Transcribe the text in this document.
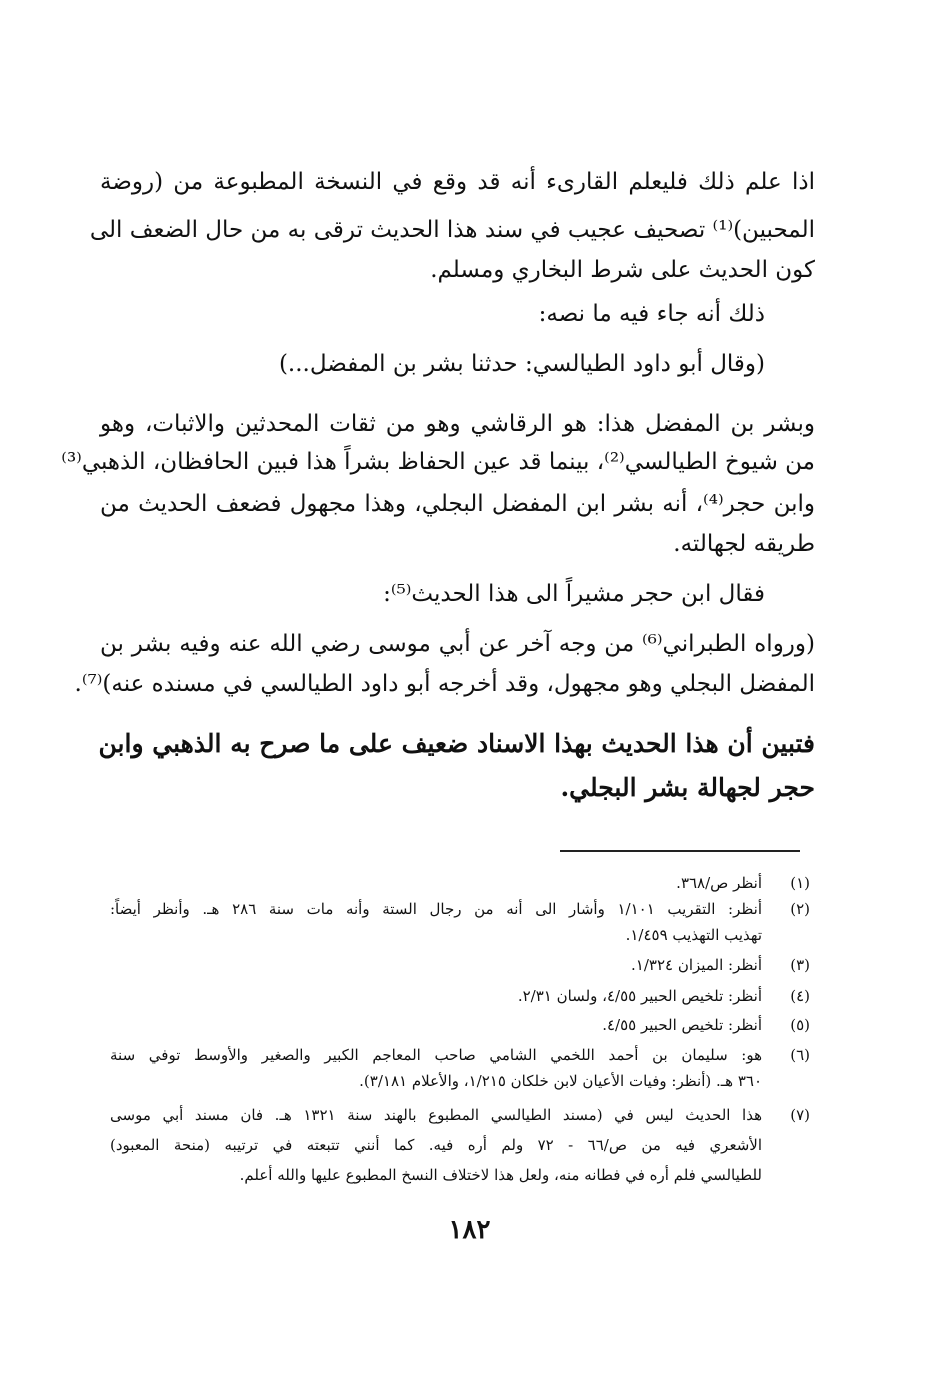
اذا علم ذلك فليعلم القارىء أنه قد وقع في النسخة المطبوعة من (روضة
المحبين)⁽¹⁾ تصحيف عجيب في سند هذا الحديث ترقى به من حال الضعف الى
كون الحديث على شرط البخاري ومسلم.
ذلك أنه جاء فيه ما نصه:
(وقال أبو داود الطيالسي: حدثنا بشر بن المفضل...)
وبشر بن المفضل هذا: هو الرقاشي وهو من ثقات المحدثين والاثبات، وهو
من شيوخ الطيالسي⁽²⁾، بينما قد عين الحفاظ بشراً هذا فبين الحافظان، الذهبي⁽³⁾
وابن حجر⁽⁴⁾، أنه بشر ابن المفضل البجلي، وهذا مجهول فضعف الحديث من
طريقه لجهالته.
فقال ابن حجر مشيراً الى هذا الحديث⁽⁵⁾:
(ورواه الطبراني⁽⁶⁾ من وجه آخر عن أبي موسى رضي الله عنه وفيه بشر بن
المفضل البجلي وهو مجهول، وقد أخرجه أبو داود الطيالسي في مسنده عنه)⁽⁷⁾.
فتبين أن هذا الحديث بهذا الاسناد ضعيف على ما صرح به الذهبي وابن
حجر لجهالة بشر البجلي.
(١)
أنظر ص/٣٦٨.
(٢)
أنظر: التقريب ١/١٠١ وأشار الى أنه من رجال الستة وأنه مات سنة ٢٨٦ هـ. وأنظر أيضاً:
تهذيب التهذيب ١/٤٥٩.
(٣)
أنظر: الميزان ١/٣٢٤.
(٤)
أنظر: تلخيص الحبير ٤/٥٥، ولسان ٢/٣١.
(٥)
أنظر: تلخيص الحبير ٤/٥٥.
(٦)
هو: سليمان بن أحمد اللخمي الشامي صاحب المعاجم الكبير والصغير والأوسط توفي سنة
٣٦٠ هـ. (أنظر: وفيات الأعيان لابن خلكان ١/٢١٥، والأعلام ٣/١٨١).
(٧)
هذا الحديث ليس في (مسند الطيالسي المطبوع بالهند سنة ١٣٢١ هـ. فان مسند أبي موسى
الأشعري فيه من ص/٦٦ - ٧٢ ولم أره فيه. كما أنني تتبعته في ترتيبه (منحة المعبود)
للطيالسي فلم أره في فطانه منه، ولعل هذا لاختلاف النسخ المطبوع عليها والله أعلم.
١٨٢
